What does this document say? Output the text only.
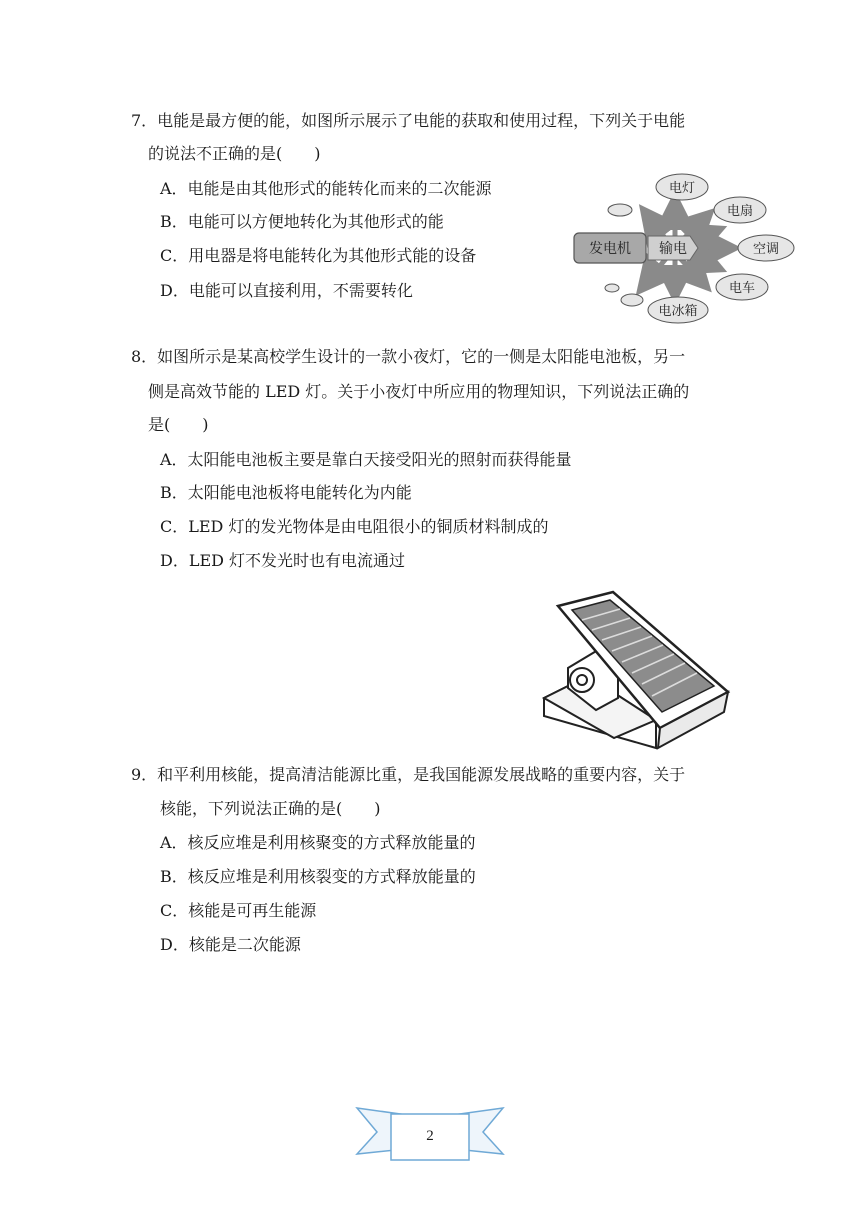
7．电能是最方便的能，如图所示展示了电能的获取和使用过程，下列关于电能
的说法不正确的是(　　)
A．电能是由其他形式的能转化而来的二次能源
B．电能可以方便地转化为其他形式的能
C．用电器是将电能转化为其他形式能的设备
D．电能可以直接利用，不需要转化
发电机 输电
电灯
电扇
空调
电车
电冰箱
8．如图所示是某高校学生设计的一款小夜灯，它的一侧是太阳能电池板，另一
侧是高效节能的 LED 灯。关于小夜灯中所应用的物理知识，下列说法正确的
是(　　)
A．太阳能电池板主要是靠白天接受阳光的照射而获得能量
B．太阳能电池板将电能转化为内能
C．LED 灯的发光物体是由电阻很小的铜质材料制成的
D．LED 灯不发光时也有电流通过
9．和平利用核能，提高清洁能源比重，是我国能源发展战略的重要内容，关于
核能，下列说法正确的是(　　)
A．核反应堆是利用核聚变的方式释放能量的
B．核反应堆是利用核裂变的方式释放能量的
C．核能是可再生能源
D．核能是二次能源
2
